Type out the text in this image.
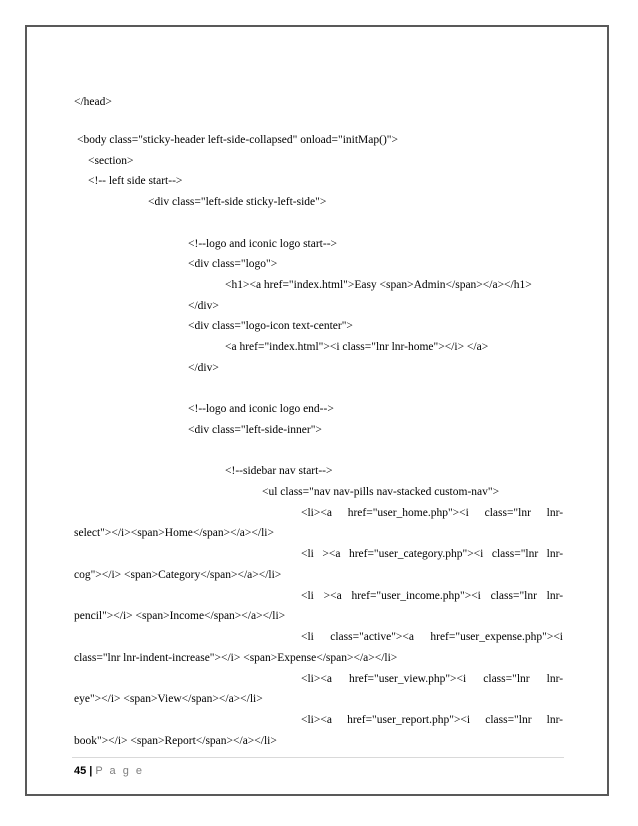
</head>
<body class="sticky-header left-side-collapsed" onload="initMap()">
<section>
<!-- left side start-->
<div class="left-side sticky-left-side">
<!--logo and iconic logo start-->
<div class="logo">
<h1><a href="index.html">Easy <span>Admin</span></a></h1>
</div>
<div class="logo-icon text-center">
<a href="index.html"><i class="lnr lnr-home"></i> </a>
</div>
<!--logo and iconic logo end-->
<div class="left-side-inner">
<!--sidebar nav start-->
<ul class="nav nav-pills nav-stacked custom-nav">
<li><a href="user_home.php"><i class="lnr lnr-
select"></i><span>Home</span></a></li>
<li ><a href="user_category.php"><i class="lnr lnr-
cog"></i> <span>Category</span></a></li>
<li ><a href="user_income.php"><i class="lnr lnr-
pencil"></i> <span>Income</span></a></li>
<li class="active"><a href="user_expense.php"><i
class="lnr lnr-indent-increase"></i> <span>Expense</span></a></li>
<li><a href="user_view.php"><i class="lnr lnr-
eye"></i> <span>View</span></a></li>
<li><a href="user_report.php"><i class="lnr lnr-
book"></i> <span>Report</span></a></li>
45 | P a g e
